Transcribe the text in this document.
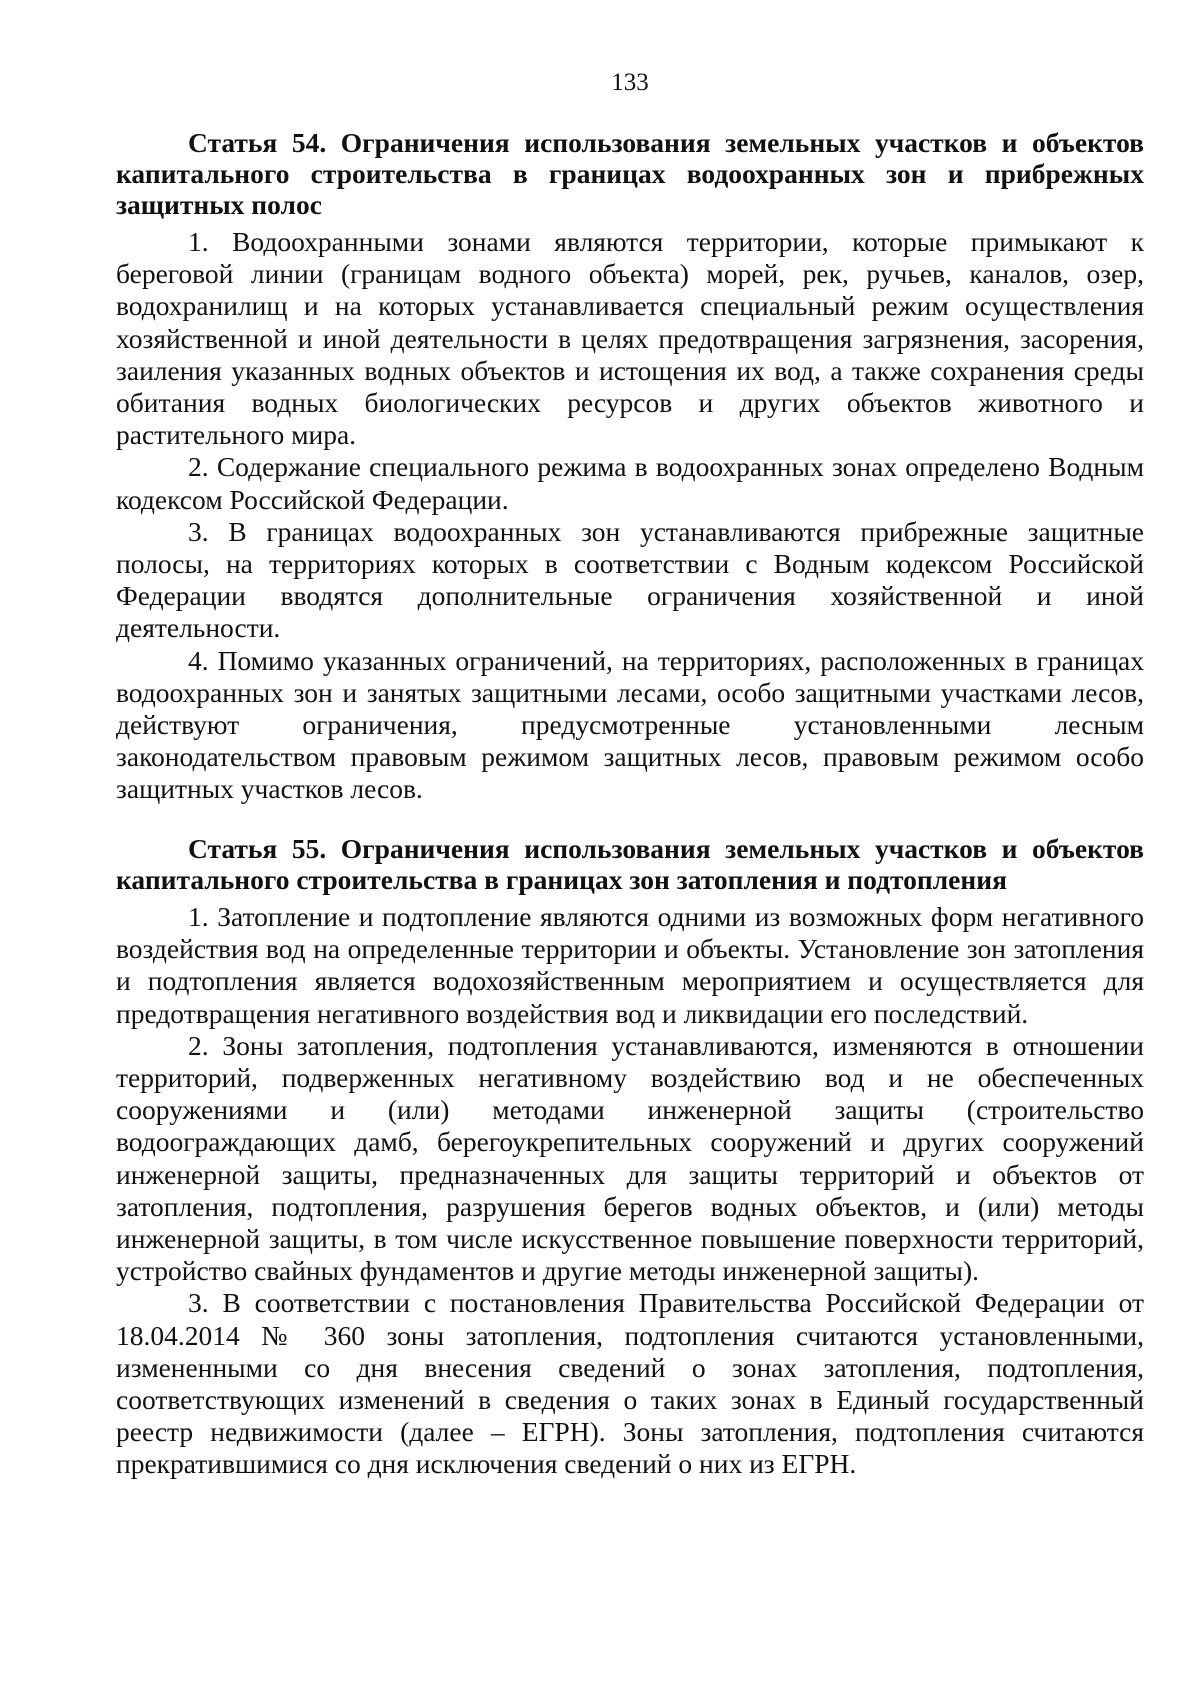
133

Статья 54. Ограничения использования земельных участков и объектов капитального строительства в границах водоохранных зон и прибрежных защитных полос

1. Водоохранными зонами являются территории, которые примыкают к береговой линии (границам водного объекта) морей, рек, ручьев, каналов, озер, водохранилищ и на которых устанавливается специальный режим осуществления хозяйственной и иной деятельности в целях предотвращения загрязнения, засорения, заиления указанных водных объектов и истощения их вод, а также сохранения среды обитания водных биологических ресурсов и других объектов животного и растительного мира.

2. Содержание специального режима в водоохранных зонах определено Водным кодексом Российской Федерации.

3. В границах водоохранных зон устанавливаются прибрежные защитные полосы, на территориях которых в соответствии с Водным кодексом Российской Федерации вводятся дополнительные ограничения хозяйственной и иной деятельности.

4. Помимо указанных ограничений, на территориях, расположенных в границах водоохранных зон и занятых защитными лесами, особо защитными участками лесов, действуют ограничения, предусмотренные установленными лесным законодательством правовым режимом защитных лесов, правовым режимом особо защитных участков лесов.

Статья 55. Ограничения использования земельных участков и объектов капитального строительства в границах зон затопления и подтопления

1. Затопление и подтопление являются одними из возможных форм негативного воздействия вод на определенные территории и объекты. Установление зон затопления и подтопления является водохозяйственным мероприятием и осуществляется для предотвращения негативного воздействия вод и ликвидации его последствий.

2. Зоны затопления, подтопления устанавливаются, изменяются в отношении территорий, подверженных негативному воздействию вод и не обеспеченных сооружениями и (или) методами инженерной защиты (строительство водоограждающих дамб, берегоукрепительных сооружений и других сооружений инженерной защиты, предназначенных для защиты территорий и объектов от затопления, подтопления, разрушения берегов водных объектов, и (или) методы инженерной защиты, в том числе искусственное повышение поверхности территорий, устройство свайных фундаментов и другие методы инженерной защиты).

3. В соответствии с постановления Правительства Российской Федерации от 18.04.2014 № 360 зоны затопления, подтопления считаются установленными, измененными со дня внесения сведений о зонах затопления, подтопления, соответствующих изменений в сведения о таких зонах в Единый государственный реестр недвижимости (далее – ЕГРН). Зоны затопления, подтопления считаются прекратившимися со дня исключения сведений о них из ЕГРН.
